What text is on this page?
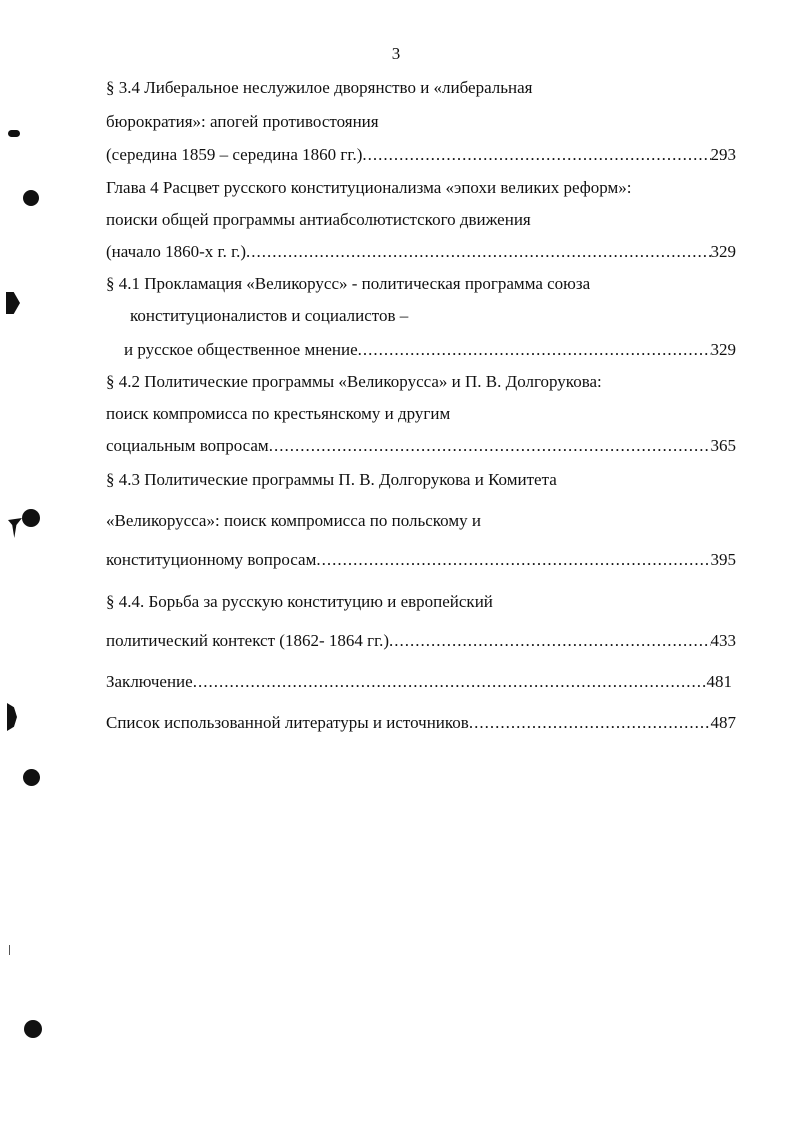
3
§ 3.4 Либеральное неслужилое дворянство и «либеральная
бюрократия»: апогей противостояния
(середина 1859 – середина 1860 гг.) .....	293
Глава 4 Расцвет русского конституционализма «эпохи великих реформ»:
поиски общей программы антиабсолютистского движения
(начало 1860-х г. г.) .....	329
§ 4.1 Прокламация «Великорусс» - политическая программа союза
конституционалистов и социалистов –
и русское общественное мнение .....	329
§ 4.2 Политические программы «Великорусса» и П. В. Долгорукова:
поиск компромисса по крестьянскому и другим
социальным вопросам .....	365
§ 4.3 Политические программы П. В. Долгорукова и Комитета
«Великорусса»: поиск компромисса по польскому и
конституционному вопросам .....	395
§ 4.4. Борьба за русскую конституцию и европейский
политический контекст (1862- 1864 гг.) .....	433
Заключение .....	481
Список использованной литературы и источников .....	487
